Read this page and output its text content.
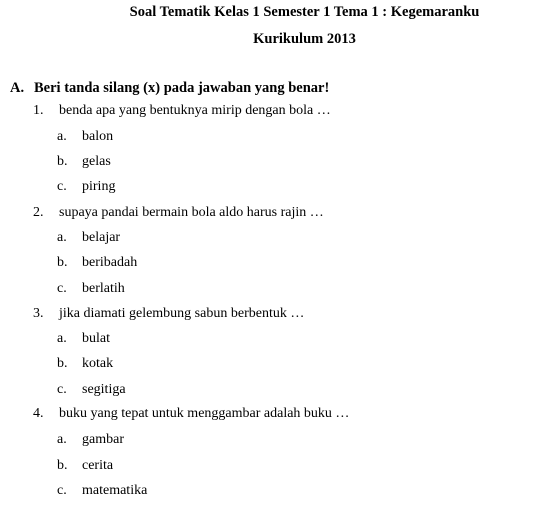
Soal Tematik Kelas 1 Semester 1 Tema 1 : Kegemaranku
Kurikulum 2013
A. Beri tanda silang (x) pada jawaban yang benar!
1. benda apa yang bentuknya mirip dengan bola …
a. balon
b. gelas
c. piring
2. supaya pandai bermain bola aldo harus rajin …
a. belajar
b. beribadah
c. berlatih
3. jika diamati gelembung sabun berbentuk …
a. bulat
b. kotak
c. segitiga
4. buku yang tepat untuk menggambar adalah buku …
a. gambar
b. cerita
c. matematika
